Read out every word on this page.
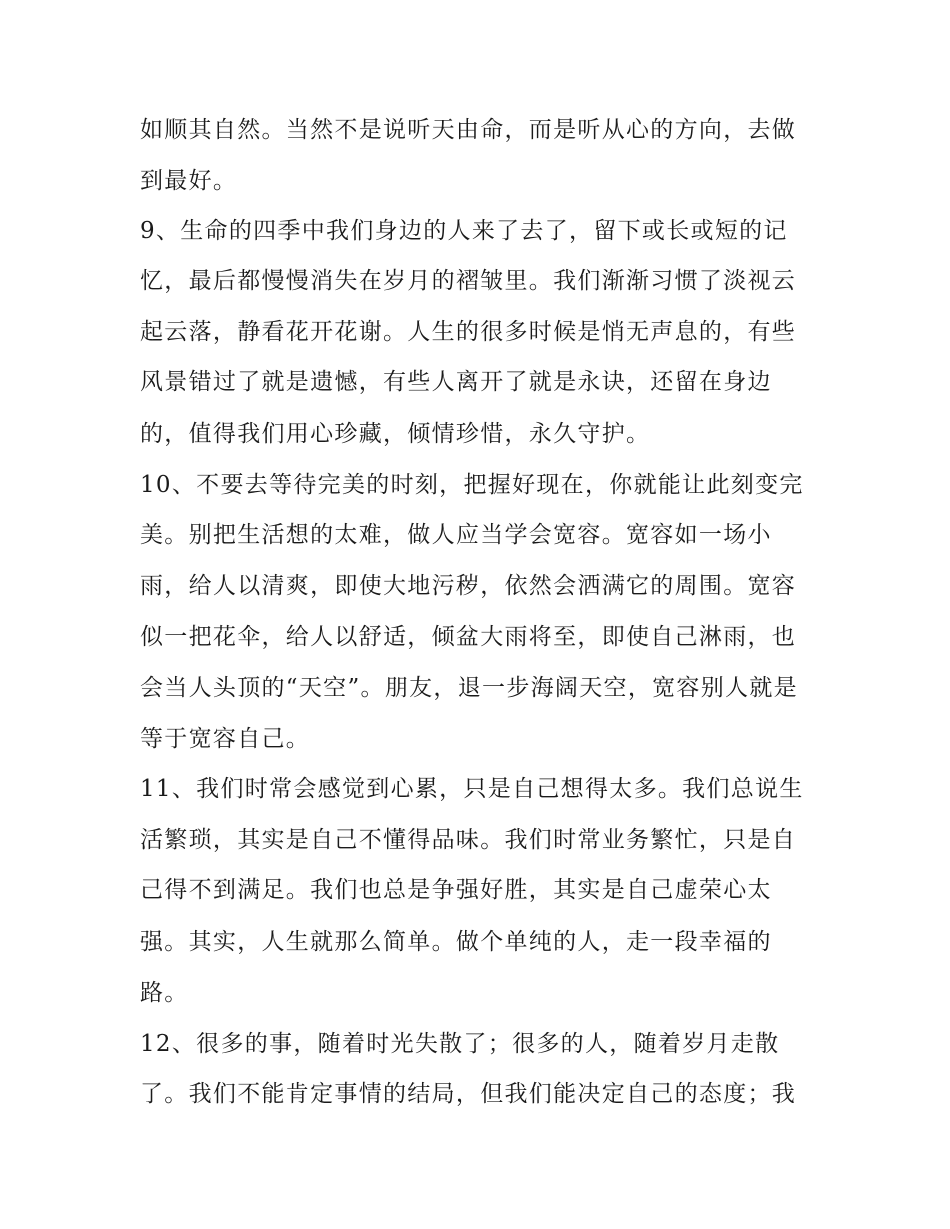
如顺其自然。当然不是说听天由命，而是听从心的方向，去做
到最好。
9、生命的四季中我们身边的人来了去了，留下或长或短的记
忆，最后都慢慢消失在岁月的褶皱里。我们渐渐习惯了淡视云
起云落，静看花开花谢。人生的很多时候是悄无声息的，有些
风景错过了就是遗憾，有些人离开了就是永诀，还留在身边
的，值得我们用心珍藏，倾情珍惜，永久守护。
10、不要去等待完美的时刻，把握好现在，你就能让此刻变完
美。别把生活想的太难，做人应当学会宽容。宽容如一场小
雨，给人以清爽，即使大地污秽，依然会洒满它的周围。宽容
似一把花伞，给人以舒适，倾盆大雨将至，即使自己淋雨，也
会当人头顶的“天空”。朋友，退一步海阔天空，宽容别人就是
等于宽容自己。
11、我们时常会感觉到心累，只是自己想得太多。我们总说生
活繁琐，其实是自己不懂得品味。我们时常业务繁忙，只是自
己得不到满足。我们也总是争强好胜，其实是自己虚荣心太
强。其实，人生就那么简单。做个单纯的人，走一段幸福的
路。
12、很多的事，随着时光失散了；很多的人，随着岁月走散
了。我们不能肯定事情的结局，但我们能决定自己的态度；我
